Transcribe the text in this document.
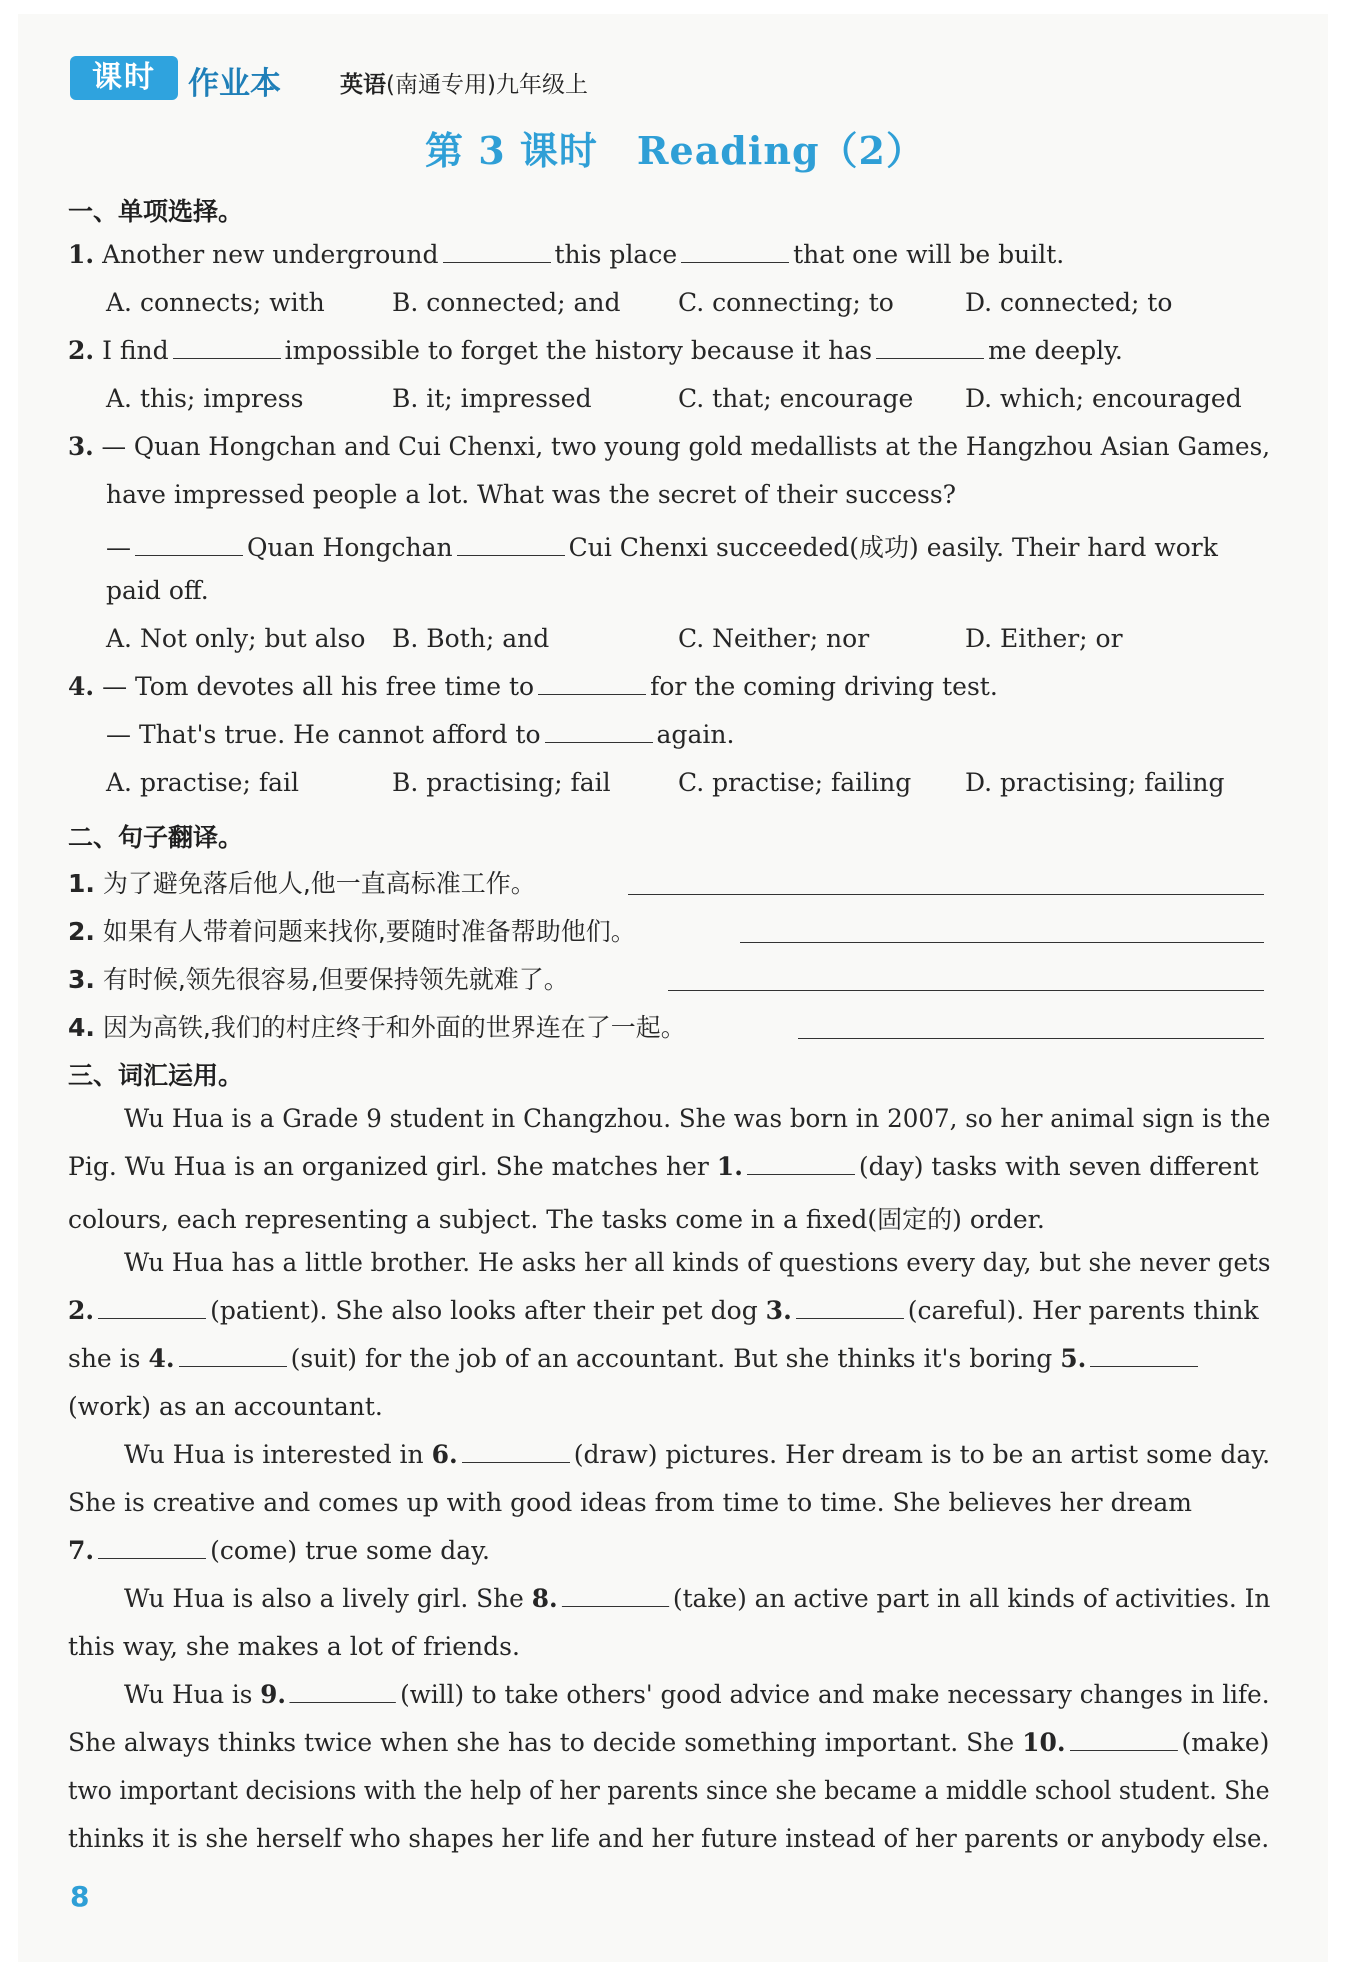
课时	作业本	英语(南通专用)九年级上
第 3 课时　Reading（2）
一、单项选择。
1. Another new underground	this place	that one will be built.
A. connects; with	B. connected; and C. connecting; to	D. connected; to
2. I find	impossible to forget the history because it has	me deeply.
A. this; impress	B. it; impressed	C. that; encourage D. which; encouraged
3. — Quan Hongchan and Cui Chenxi, two young gold medallists at the Hangzhou Asian Games,
have impressed people a lot. What was the secret of their success?
—	Quan Hongchan	Cui Chenxi succeeded(成功) easily. Their hard work
paid off.
A. Not only; but also B. Both; and	C. Neither; nor	D. Either; or
4. — Tom devotes all his free time to	for the coming driving test.
— That's true. He cannot afford to	again.
A. practise; fail	B. practising; fail	C. practise; failing D. practising; failing
二、句子翻译。
1. 为了避免落后他人,他一直高标准工作。
2. 如果有人带着问题来找你,要随时准备帮助他们。
3. 有时候,领先很容易,但要保持领先就难了。
4. 因为高铁,我们的村庄终于和外面的世界连在了一起。
三、词汇运用。
Wu Hua is a Grade 9 student in Changzhou. She was born in 2007, so her animal sign is the
Pig. Wu Hua is an organized girl. She matches her 1.	(day) tasks with seven different
colours, each representing a subject. The tasks come in a fixed(固定的) order.
Wu Hua has a little brother. He asks her all kinds of questions every day, but she never gets
2.	(patient). She also looks after their pet dog 3.	(careful). Her parents think
she is 4.	(suit) for the job of an accountant. But she thinks it's boring 5.
(work) as an accountant.
Wu Hua is interested in 6.	(draw) pictures. Her dream is to be an artist some day.
She is creative and comes up with good ideas from time to time. She believes her dream
7.	(come) true some day.
Wu Hua is also a lively girl. She 8.	(take) an active part in all kinds of activities. In
this way, she makes a lot of friends.
Wu Hua is 9.	(will) to take others' good advice and make necessary changes in life.
She always thinks twice when she has to decide something important. She 10.	(make)
two important decisions with the help of her parents since she became a middle school student. She
thinks it is she herself who shapes her life and her future instead of her parents or anybody else.
8
